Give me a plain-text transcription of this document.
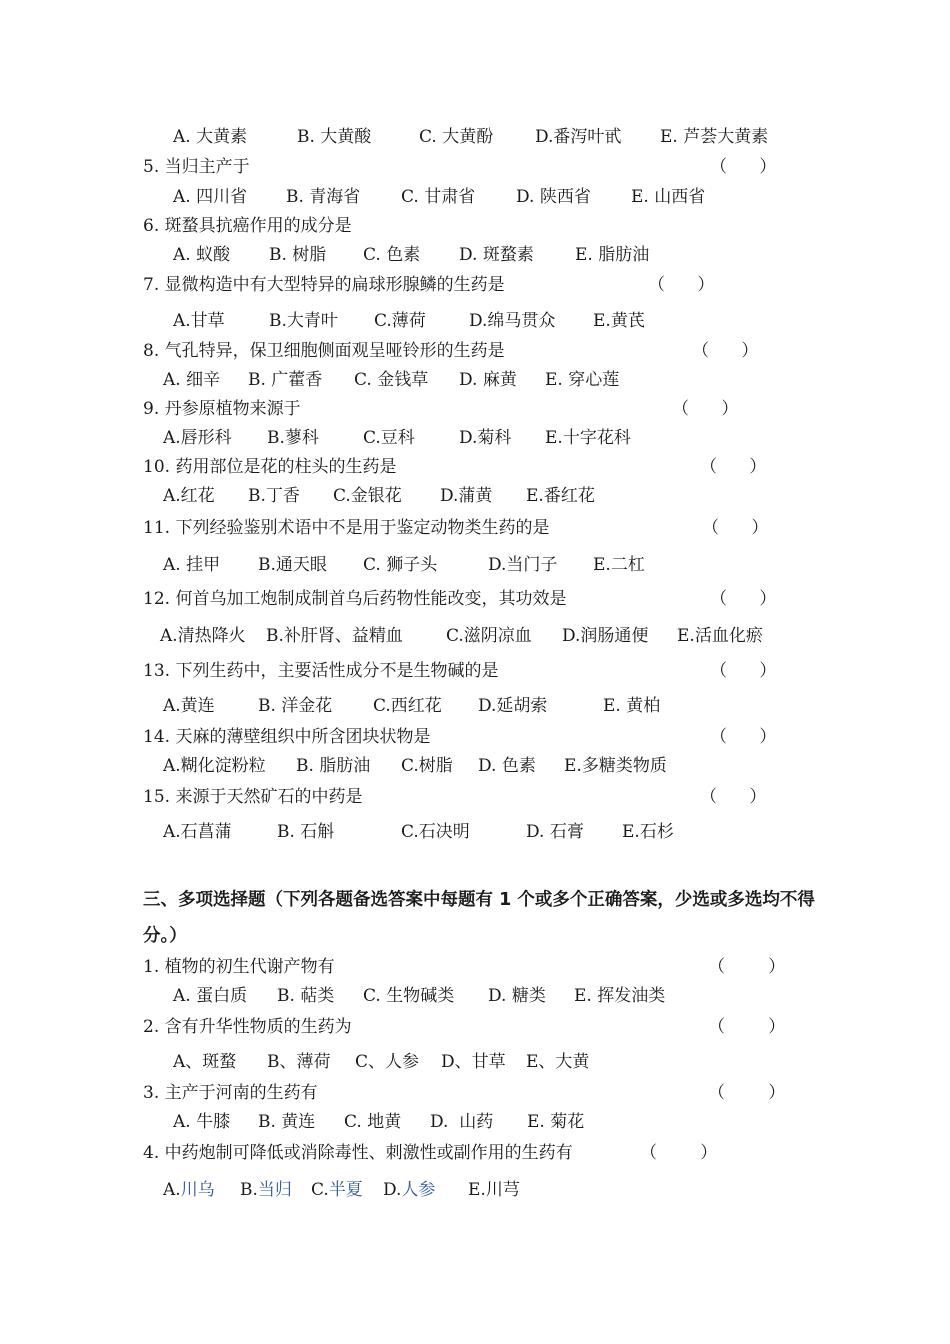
A. 大黄素

	B. 大黄酸

	C. 大黄酚

D.番泻叶甙

E. 芦荟大黄素

5. 当归主产于	（      ）

A. 四川省

B. 青海省

C. 甘肃省

D. 陕西省

E. 山西省

6. 斑蝥具抗癌作用的成分是

A. 蚁酸

B. 树脂

C. 色素

D. 斑蝥素

E. 脂肪油

7. 显微构造中有大型特异的扁球形腺鳞的生药是	（      ）

A.甘草

	B.大青叶

C.薄荷

	D.绵马贯众

E.黄芪

8. 气孔特异，保卫细胞侧面观呈哑铃形的生药是	（      ）

A. 细辛

B. 广藿香

C. 金钱草

D. 麻黄

E. 穿心莲

9. 丹参原植物来源于	（      ）

A.唇形科

B.蓼科

	C.豆科

	D.菊科

E.十字花科

10. 药用部位是花的柱头的生药是	（      ）

A.红花

B.丁香

C.金银花

D.蒲黄

E.番红花

11. 下列经验鉴别术语中不是用于鉴定动物类生药的是	（      ）

A. 挂甲

B.通天眼

C. 狮子头

	D.当门子

E.二杠

12. 何首乌加工炮制成制首乌后药物性能改变，其功效是	（      ）

A.清热降火

B.补肝肾、益精血

	C.滋阴凉血

D.润肠通便

E.活血化瘀

13. 下列生药中，主要活性成分不是生物碱的是	（      ）

A.黄连

	B. 洋金花

C.西红花

D.延胡索

	E. 黄柏

14. 天麻的薄壁组织中所含团块状物是	（      ）

A.糊化淀粉粒

B. 脂肪油

C.树脂

D. 色素

E.多糖类物质

15. 来源于天然矿石的中药是	（      ）

A.石菖蒲

	B. 石斛

	C.石决明

	D. 石膏

E.石杉

三、多项选择题（下列各题备选答案中每题有 1 个或多个正确答案，少选或多选均不得分。）
1. 植物的初生代谢产物有	（        ）

A. 蛋白质

B. 萜类

C. 生物碱类

D. 糖类

E. 挥发油类

2. 含有升华性物质的生药为	（        ）

A、斑蝥

B、薄荷

C、人参

D、甘草

E、大黄

3. 主产于河南的生药有	（        ）

A. 牛膝

B. 黄连

C. 地黄

D.  山药

E. 菊花

4. 中药炮制可降低或消除毒性、刺激性或副作用的生药有	（        ）

A.川乌

B.当归

C.半夏

D.人参

E.川芎
